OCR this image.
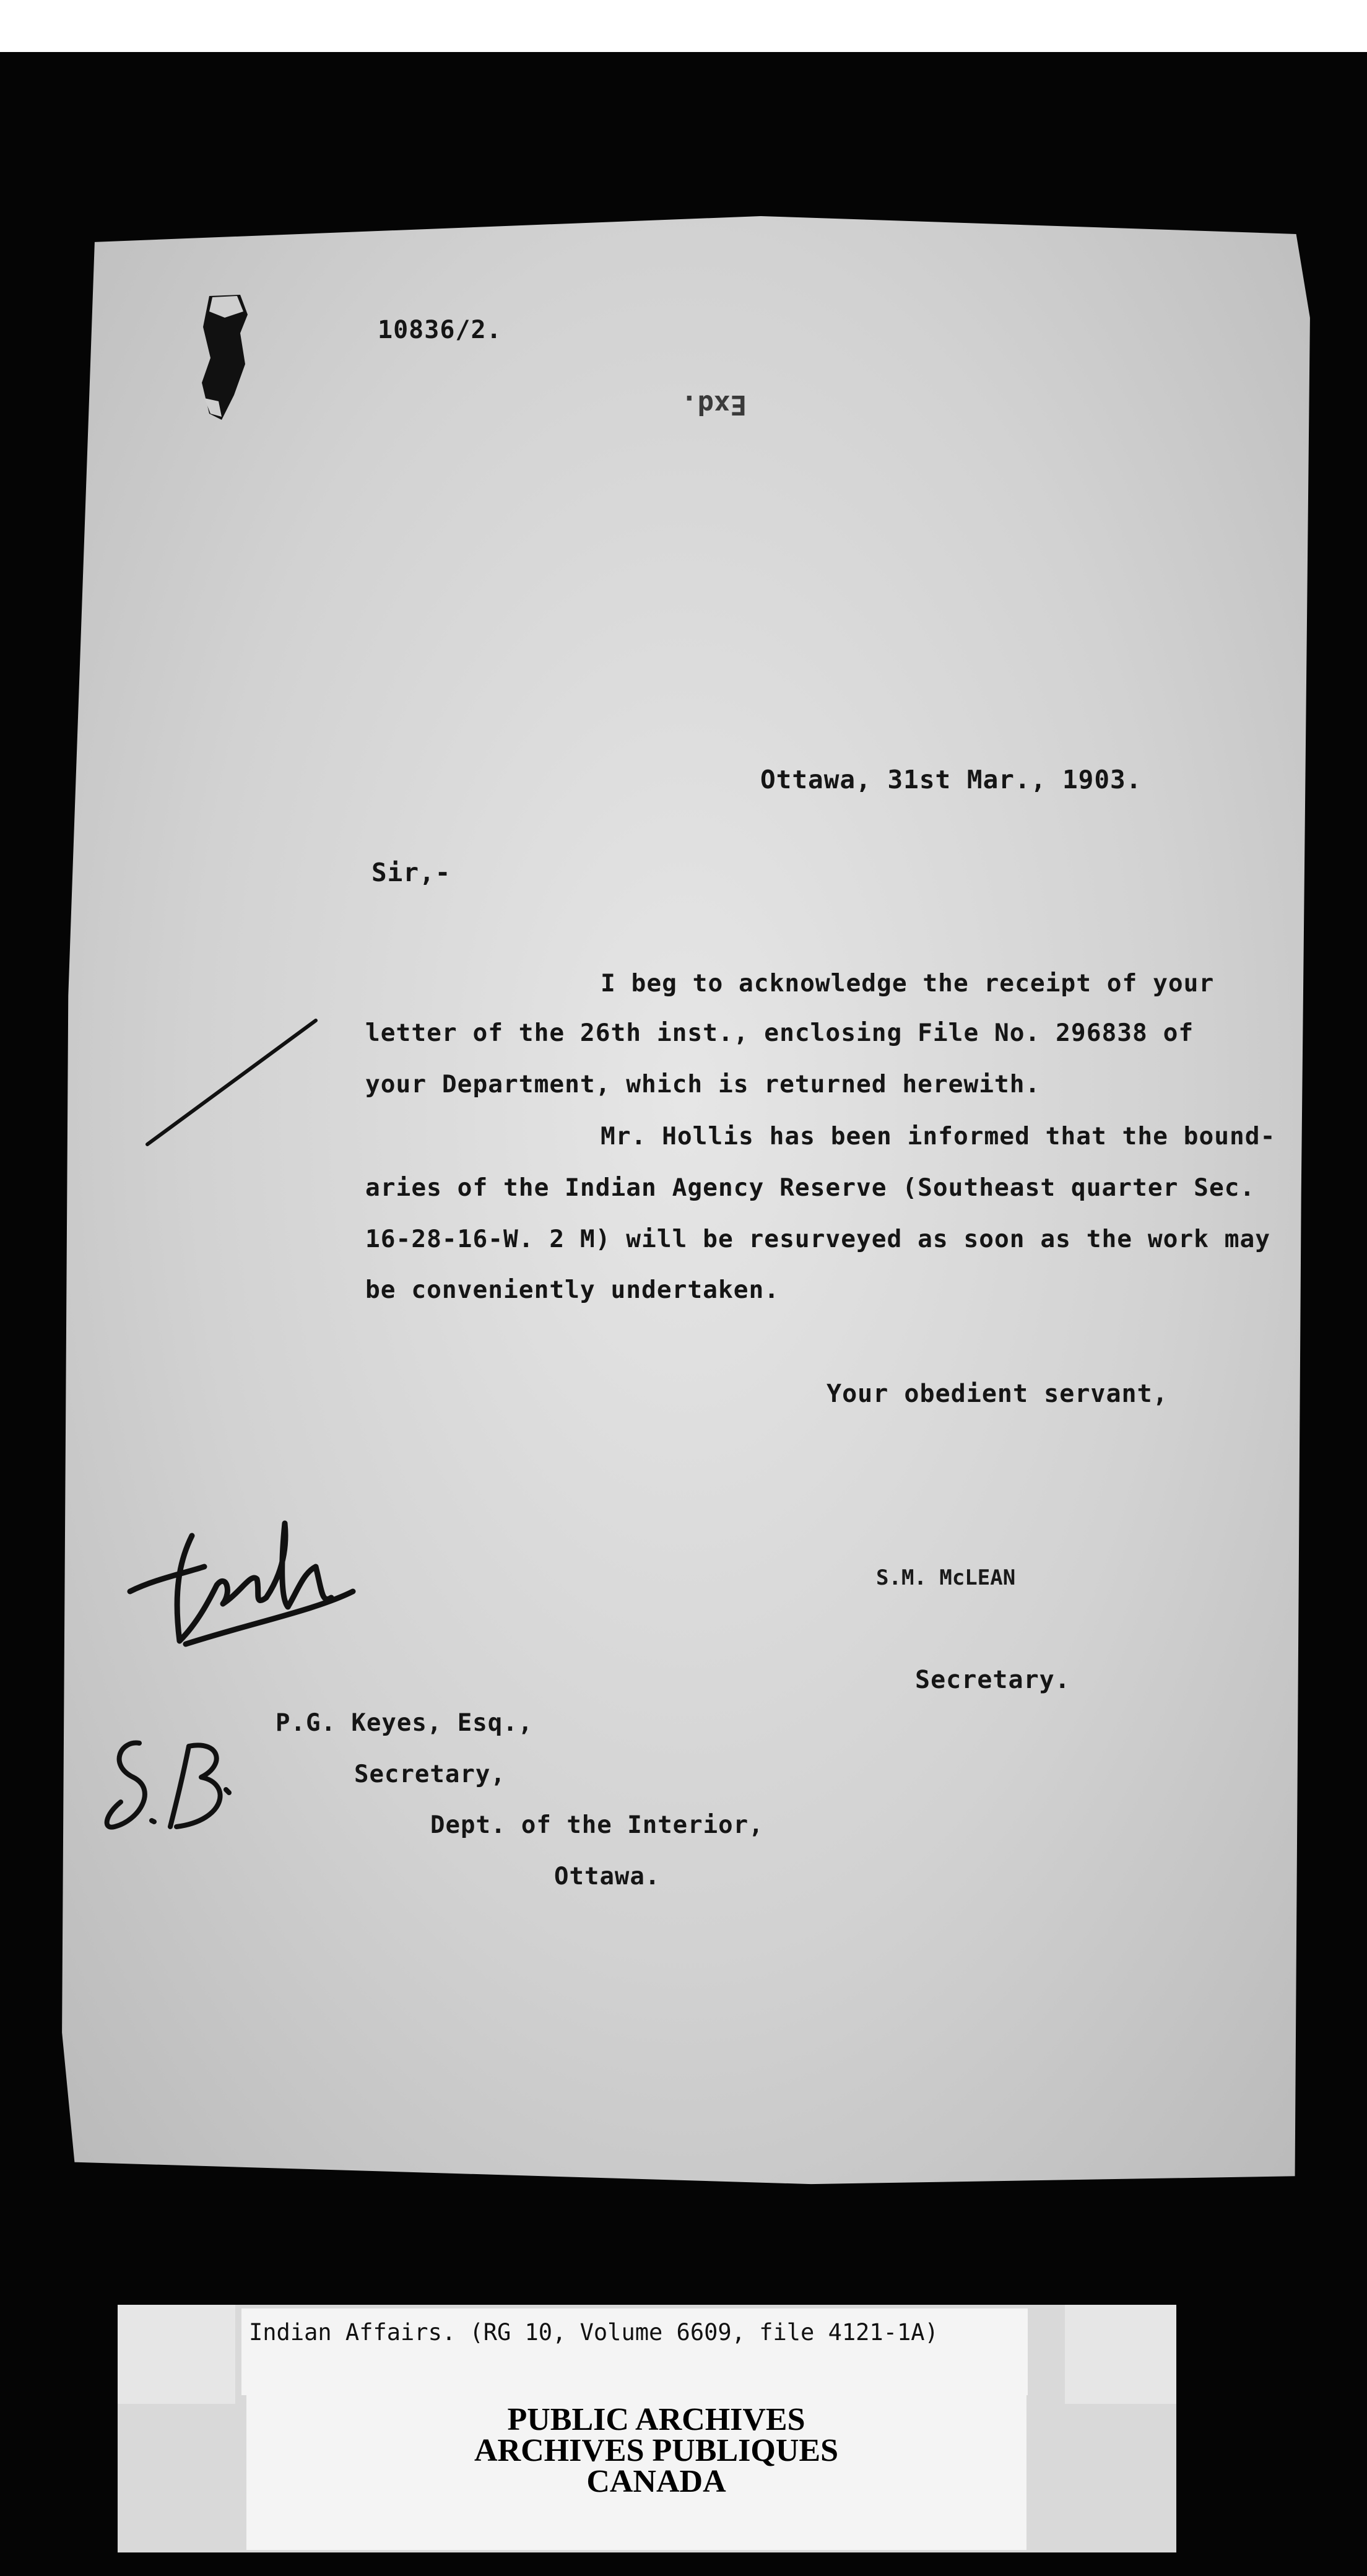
10836/2.

Exd.

Ottawa, 31st Mar., 1903.

Sir,-

I beg to acknowledge the receipt of your

letter of the 26th inst., enclosing File No. 296838 of

your Department, which is returned herewith.

Mr. Hollis has been informed that the bound-

aries of the Indian Agency Reserve (Southeast quarter Sec.

16-28-16-W. 2 M) will be resurveyed as soon as the work may

be conveniently undertaken.

Your obedient servant,

S.M. McLEAN

Secretary.

P.G. Keyes, Esq.,

Secretary,

Dept. of the Interior,

Ottawa.

Indian Affairs. (RG 10, Volume 6609, file 4121-1A)

PUBLIC ARCHIVES

ARCHIVES PUBLIQUES

CANADA
